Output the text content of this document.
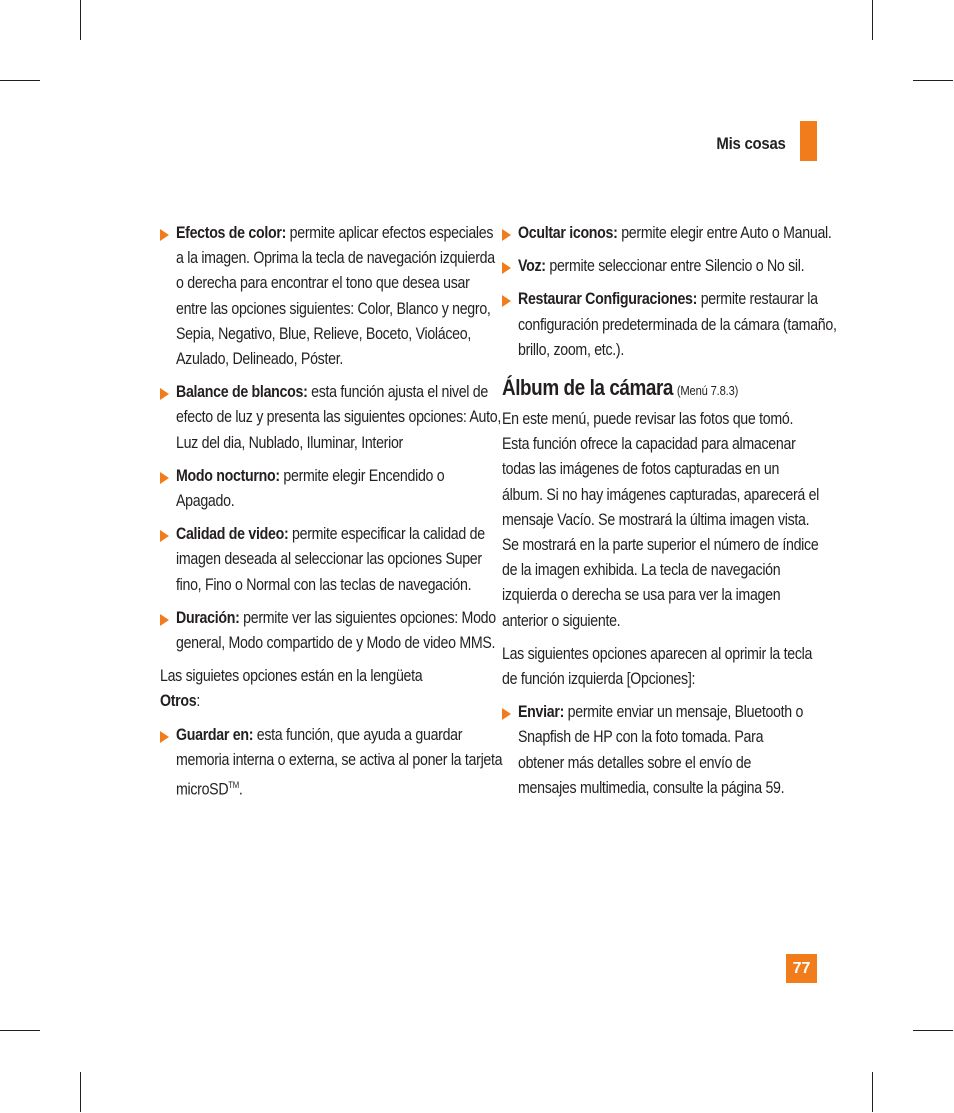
Mis cosas
Efectos de color: permite aplicar efectos especiales a la imagen. Oprima la tecla de navegación izquierda o derecha para encontrar el tono que desea usar entre las opciones siguientes: Color, Blanco y negro, Sepia, Negativo, Blue, Relieve, Boceto, Violáceo, Azulado, Delineado, Póster.
Balance de blancos: esta función ajusta el nivel de efecto de luz y presenta las siguientes opciones: Auto, Luz del dia, Nublado, Iluminar, Interior
Modo nocturno: permite elegir Encendido o Apagado.
Calidad de video: permite especificar la calidad de imagen deseada al seleccionar las opciones Super fino, Fino o Normal con las teclas de navegación.
Duración: permite ver las siguientes opciones: Modo general, Modo compartido de y Modo de video MMS.
Las siguietes opciones están en la lengüeta Otros:
Guardar en: esta función, que ayuda a guardar memoria interna o externa, se activa al poner la tarjeta microSD™.
Ocultar iconos: permite elegir entre Auto o Manual.
Voz: permite seleccionar entre Silencio o No sil.
Restaurar Configuraciones: permite restaurar la configuración predeterminada de la cámara (tamaño, brillo, zoom, etc.).
Álbum de la cámara (Menú 7.8.3)
En este menú, puede revisar las fotos que tomó. Esta función ofrece la capacidad para almacenar todas las imágenes de fotos capturadas en un álbum. Si no hay imágenes capturadas, aparecerá el mensaje Vacío. Se mostrará la última imagen vista. Se mostrará en la parte superior el número de índice de la imagen exhibida. La tecla de navegación izquierda o derecha se usa para ver la imagen anterior o siguiente.
Las siguientes opciones aparecen al oprimir la tecla de función izquierda [Opciones]:
Enviar: permite enviar un mensaje, Bluetooth o Snapfish de HP con la foto tomada. Para obtener más detalles sobre el envío de mensajes multimedia, consulte la página 59.
77
